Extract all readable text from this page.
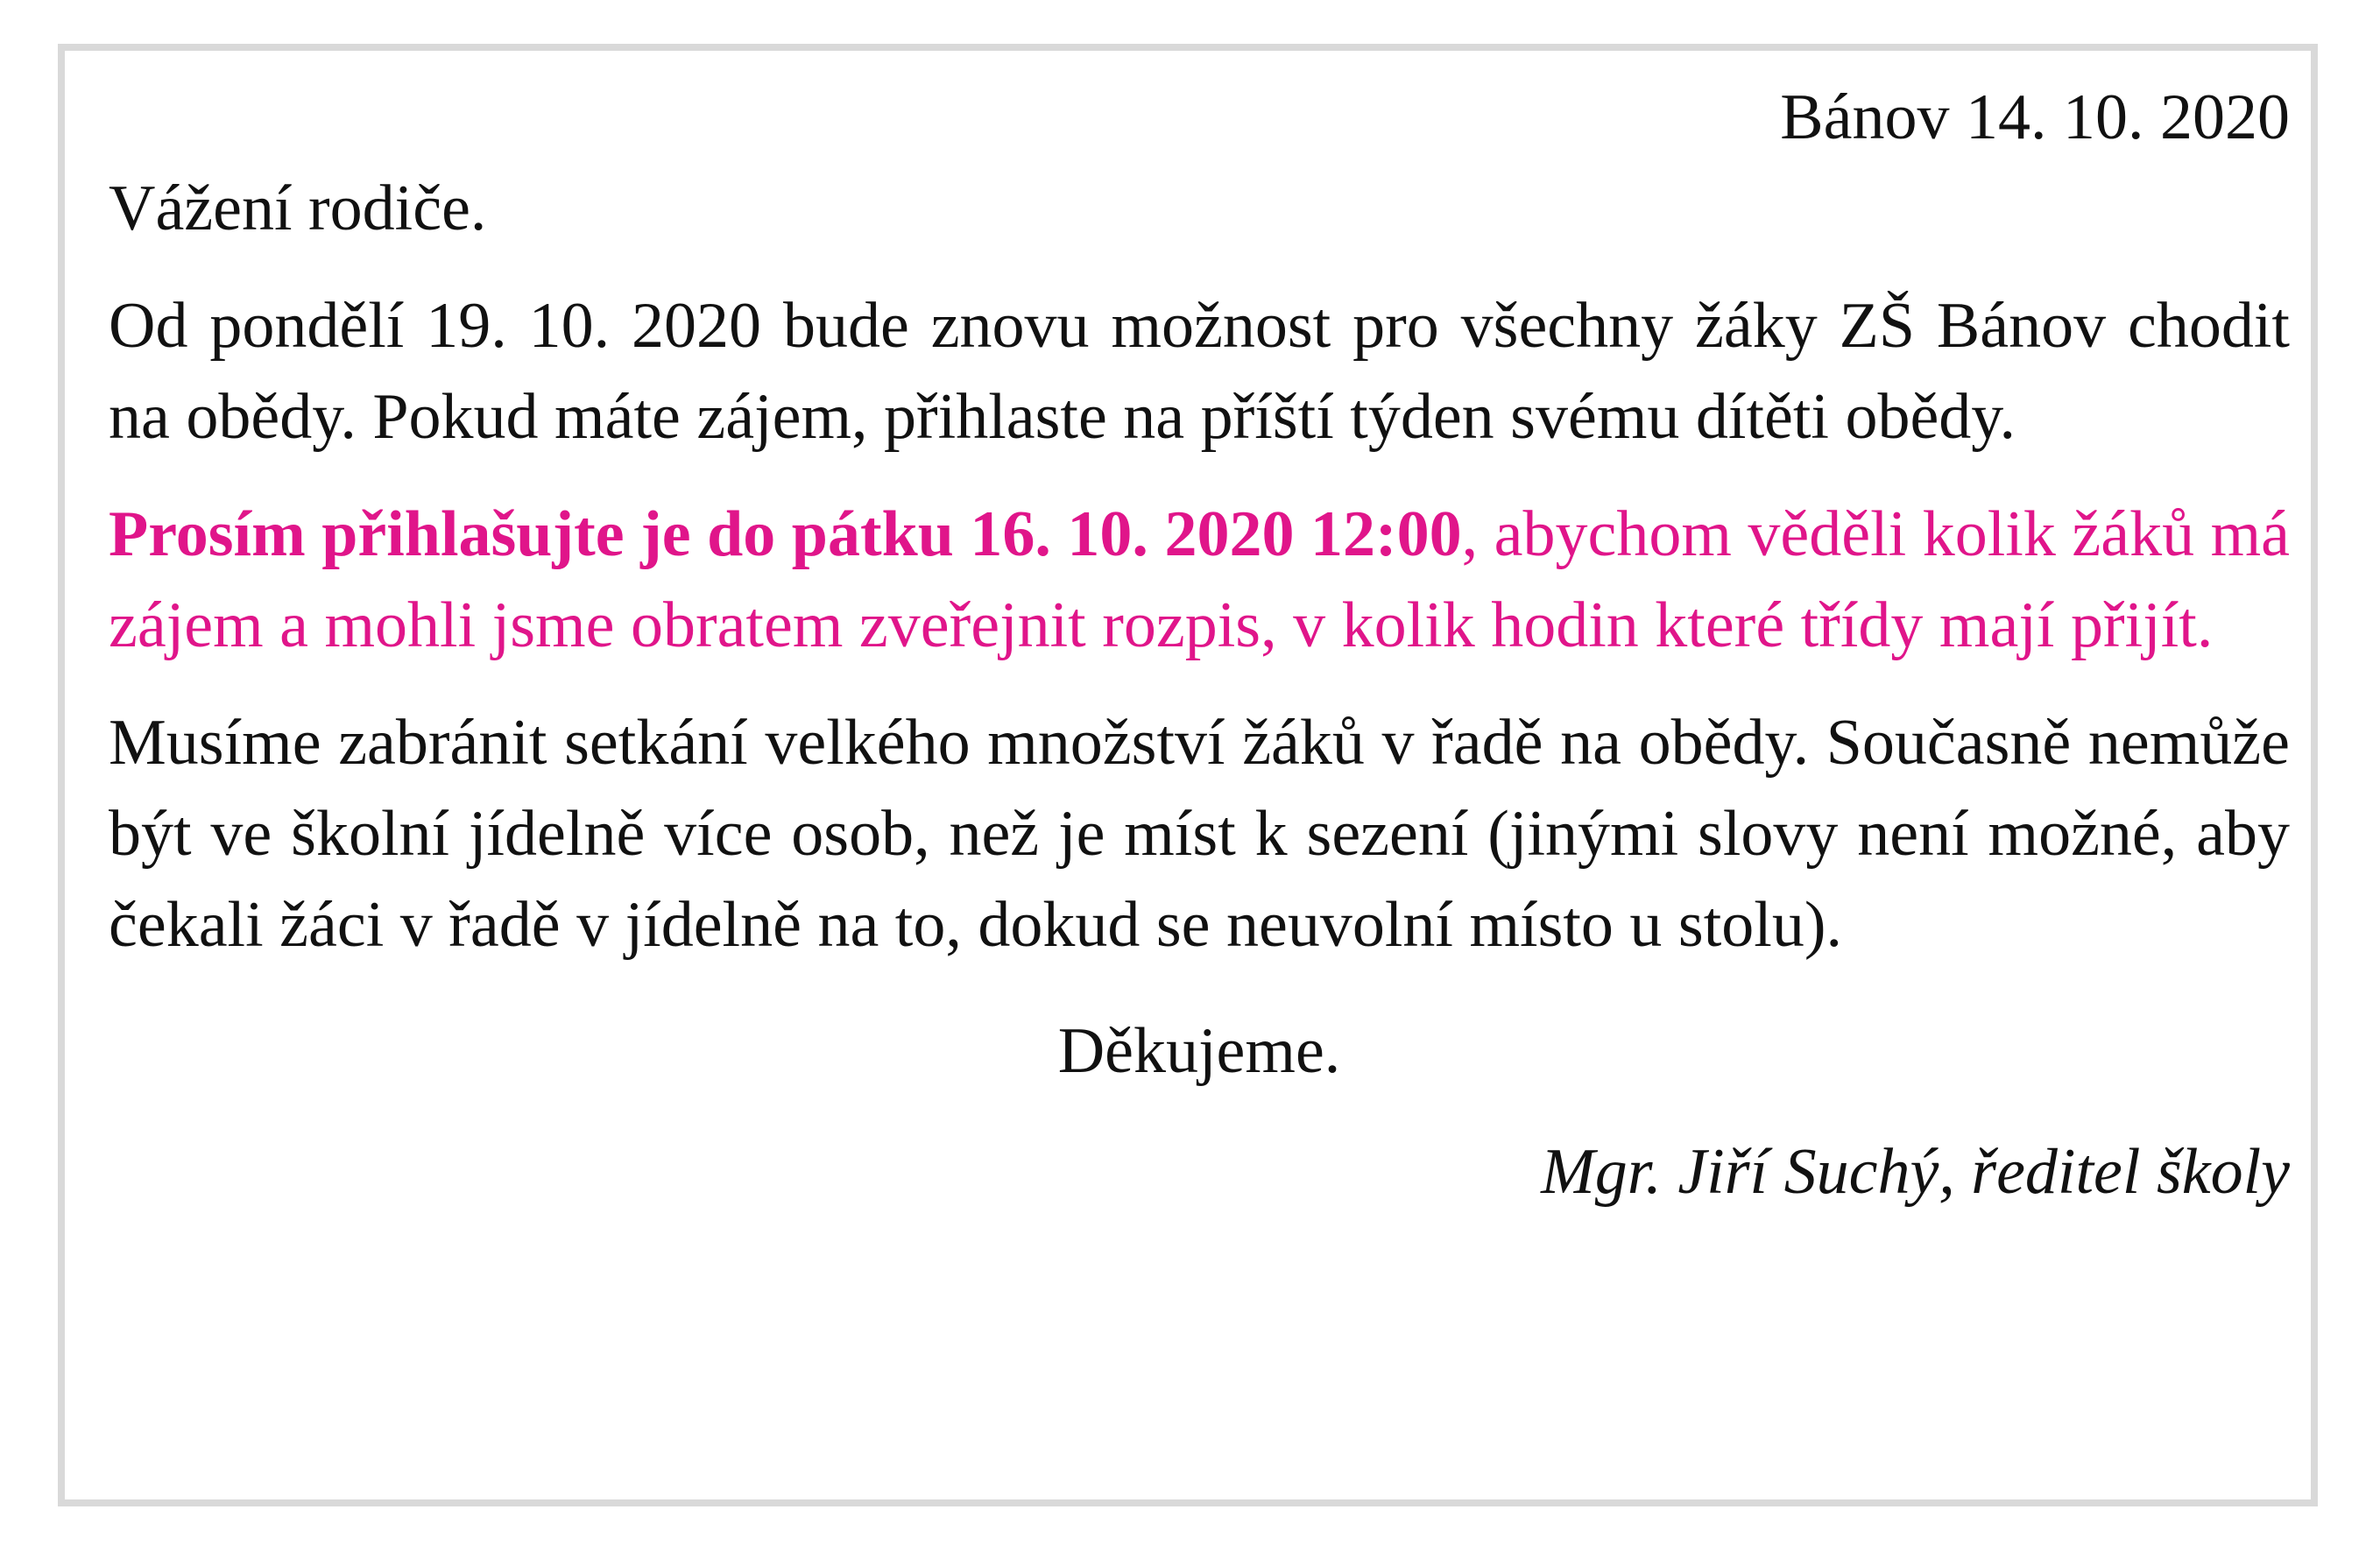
Bánov 14. 10. 2020

Vážení rodiče.

Od pondělí 19. 10. 2020 bude znovu možnost pro všechny žáky ZŠ Bánov chodit na obědy. Pokud máte zájem, přihlaste na příští týden svému dítěti obědy.

Prosím přihlašujte je do pátku 16. 10. 2020 12:00, abychom věděli kolik žáků má zájem a mohli jsme obratem zveřejnit rozpis, v kolik hodin které třídy mají přijít.

Musíme zabránit setkání velkého množství žáků v řadě na obědy. Současně nemůže být ve školní jídelně více osob, než je míst k sezení (jinými slovy není možné, aby čekali žáci v řadě v jídelně na to, dokud se neuvolní místo u stolu).

Děkujeme.

Mgr. Jiří Suchý, ředitel školy
